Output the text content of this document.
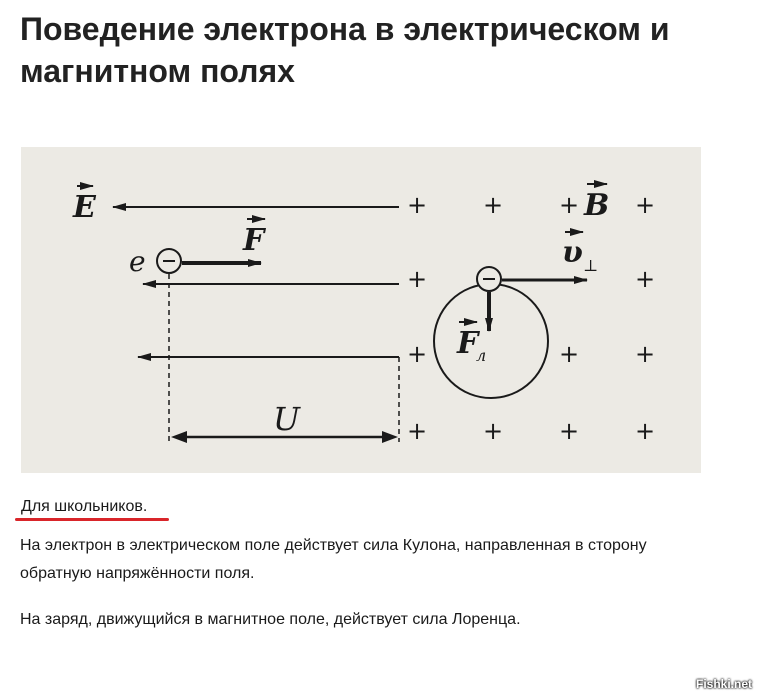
Поведение электрона в электрическом и магнитном полях
E
e
F
U
+ + + +
+	+
+	+ +
+ + + +
B
υ ⊥
F
л
Для школьников.

На электрон в электрическом поле действует сила Кулона, направленная в сторону обратную напряжённости поля.

На заряд, движущийся в магнитное поле, действует сила Лоренца.

Fishki.net
